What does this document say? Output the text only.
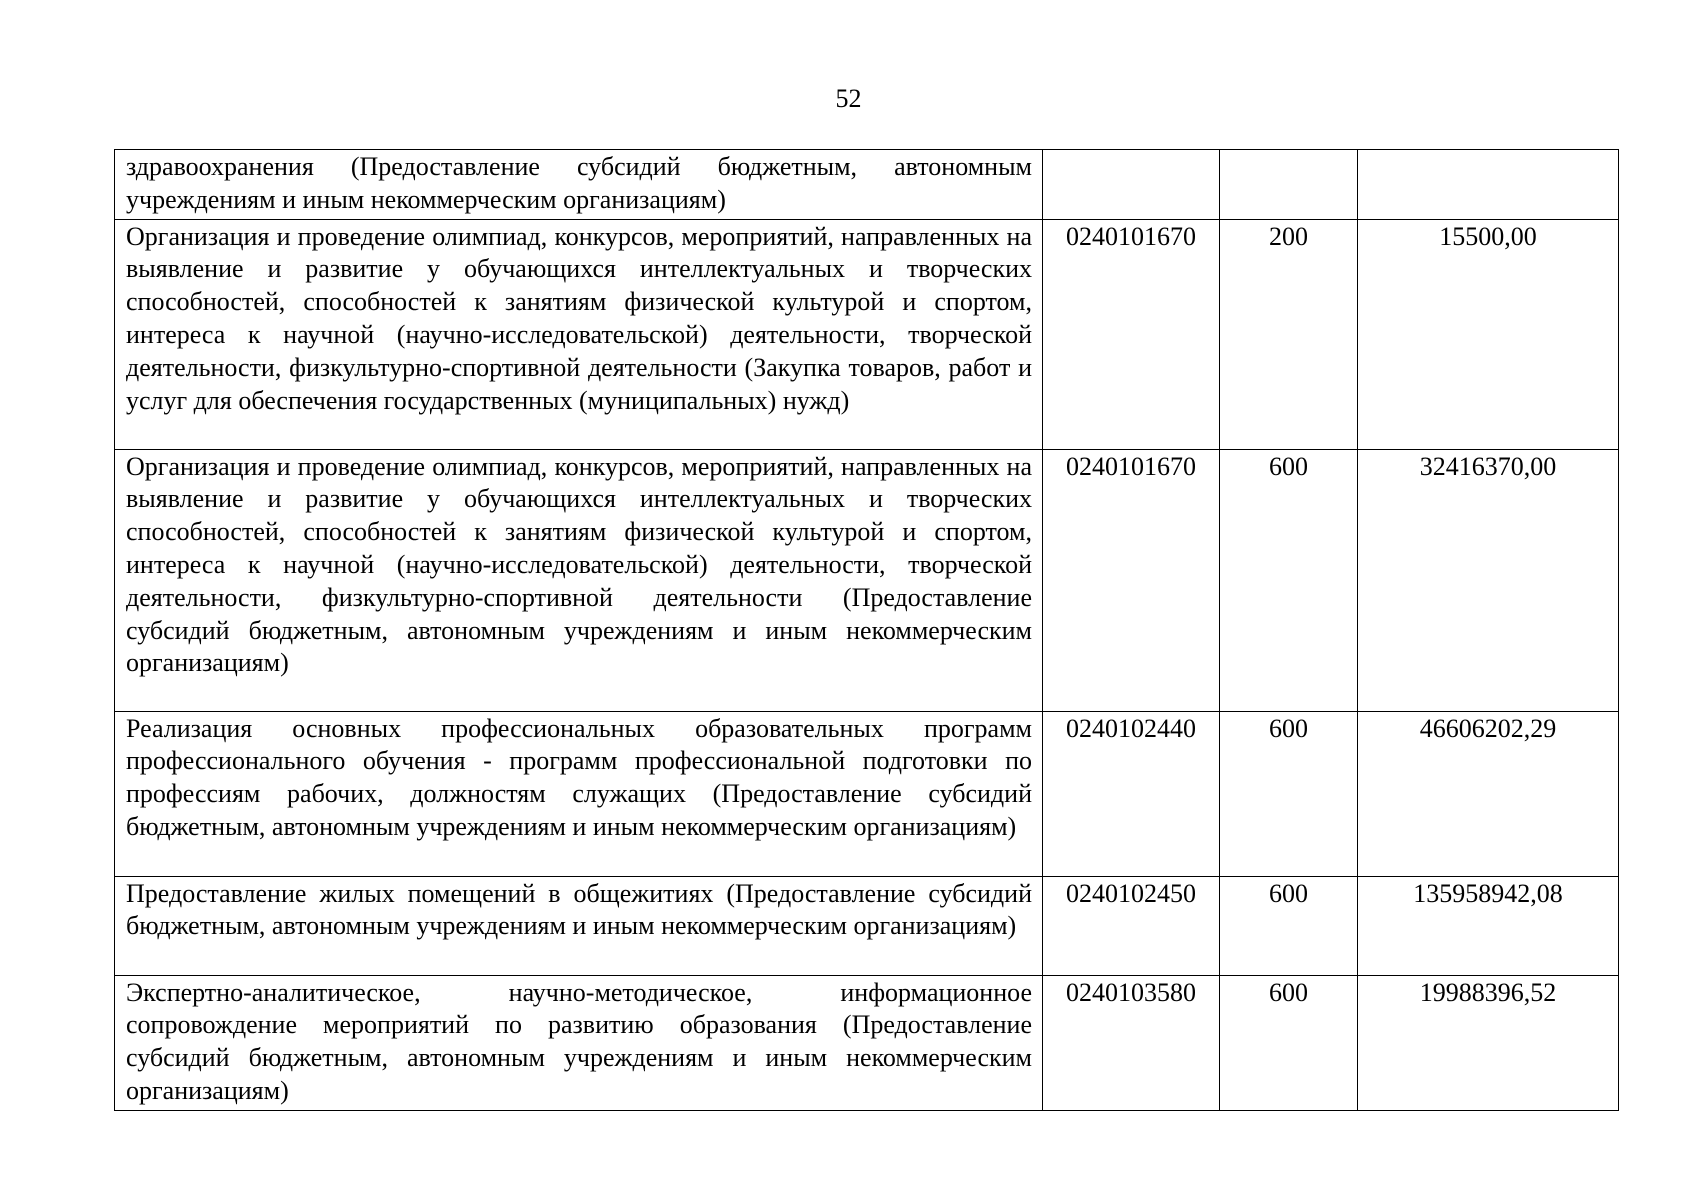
52
здравоохранения (Предоставление субсидий бюджетным, автономным учреждениям и иным некоммерческим организациям)			
Организация и проведение олимпиад, конкурсов, мероприятий, направленных на выявление и развитие у обучающихся интеллектуальных и творческих способностей, способностей к занятиям физической культурой и спортом, интереса к научной (научно-исследовательской) деятельности, творческой деятельности, физкультурно-спортивной деятельности (Закупка товаров, работ и услуг для обеспечения государственных (муниципальных) нужд)	0240101670	200	15500,00
Организация и проведение олимпиад, конкурсов, мероприятий, направленных на выявление и развитие у обучающихся интеллектуальных и творческих способностей, способностей к занятиям физической культурой и спортом, интереса к научной (научно-исследовательской) деятельности, творческой деятельности, физкультурно-спортивной деятельности (Предоставление субсидий бюджетным, автономным учреждениям и иным некоммерческим организациям)	0240101670	600	32416370,00
Реализация основных профессиональных образовательных программ профессионального обучения - программ профессиональной подготовки по профессиям рабочих, должностям служащих (Предоставление субсидий бюджетным, автономным учреждениям и иным некоммерческим организациям)	0240102440	600	46606202,29
Предоставление жилых помещений в общежитиях (Предоставление субсидий бюджетным, автономным учреждениям и иным некоммерческим организациям)	0240102450	600	135958942,08
Экспертно-аналитическое, научно-методическое, информационное сопровождение мероприятий по развитию образования (Предоставление субсидий бюджетным, автономным учреждениям и иным некоммерческим организациям)	0240103580	600	19988396,52
